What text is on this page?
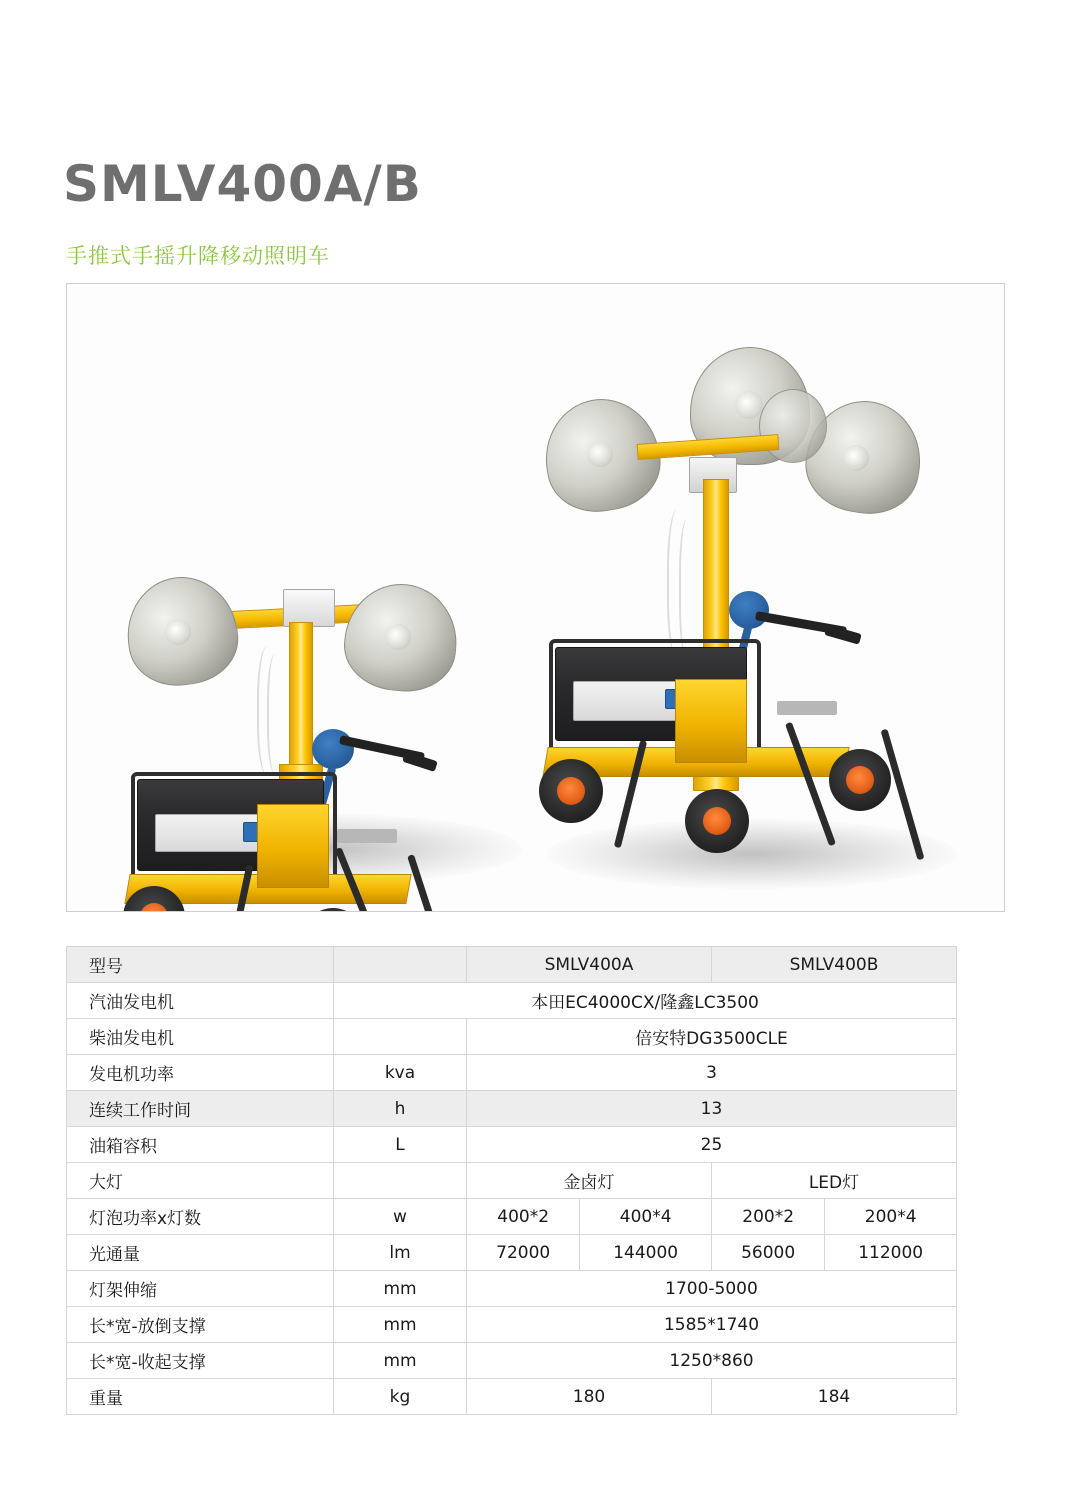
SMLV400A/B
手推式手摇升降移动照明车
型号		SMLV400A		SMLV400B	
汽油发电机	本田EC4000CX/隆鑫LC3500				
柴油发电机		倍安特DG3500CLE			
发电机功率	kva	3			
连续工作时间	h	13			
油箱容积	L	25			
大灯		金卤灯		LED灯	
灯泡功率x灯数	w	400*2	400*4	200*2	200*4
光通量	lm	72000	144000	56000	112000
灯架伸缩	mm	1700-5000			
长*宽-放倒支撑	mm	1585*1740			
长*宽-收起支撑	mm	1250*860			
重量	kg	180		184	
